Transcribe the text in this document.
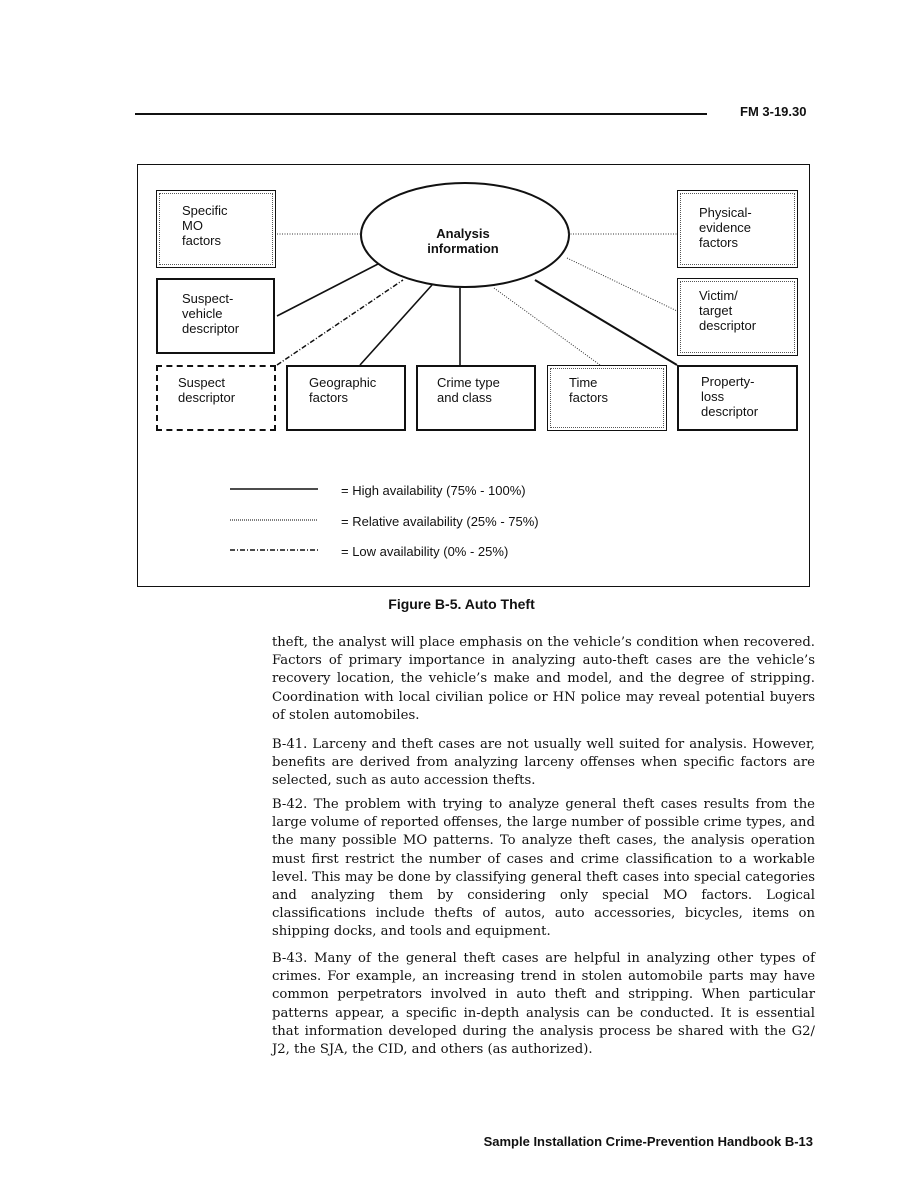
FM 3-19.30
Analysis
information
Specific
MO
factors
Suspect-
vehicle
descriptor
Suspect
descriptor
Geographic
factors
Crime type
and class
Time
factors
Property-
loss
descriptor
Victim/
target
descriptor
Physical-
evidence
factors
= High availability (75% - 100%)
= Relative availability (25% - 75%)
= Low availability (0% - 25%)
Figure B-5. Auto Theft

theft, the analyst will place emphasis on the vehicle’s condition when recovered. Factors of primary importance in analyzing auto-theft cases are the vehicle’s recovery location, the vehicle’s make and model, and the degree of stripping. Coordination with local civilian police or HN police may reveal potential buyers of stolen automobiles.

B-41. Larceny and theft cases are not usually well suited for analysis. However, benefits are derived from analyzing larceny offenses when specific factors are selected, such as auto accession thefts.

B-42. The problem with trying to analyze general theft cases results from the large volume of reported offenses, the large number of possible crime types, and the many possible MO patterns. To analyze theft cases, the analysis operation must first restrict the number of cases and crime classification to a workable level. This may be done by classifying general theft cases into special categories and analyzing them by considering only special MO factors. Logical classifications include thefts of autos, auto accessories, bicycles, items on shipping docks, and tools and equipment.

B-43. Many of the general theft cases are helpful in analyzing other types of crimes. For example, an increasing trend in stolen automobile parts may have common perpetrators involved in auto theft and stripping. When particular patterns appear, a specific in-depth analysis can be conducted. It is essential that information developed during the analysis process be shared with the G2/ J2, the SJA, the CID, and others (as authorized).

Sample Installation Crime-Prevention Handbook B-13
